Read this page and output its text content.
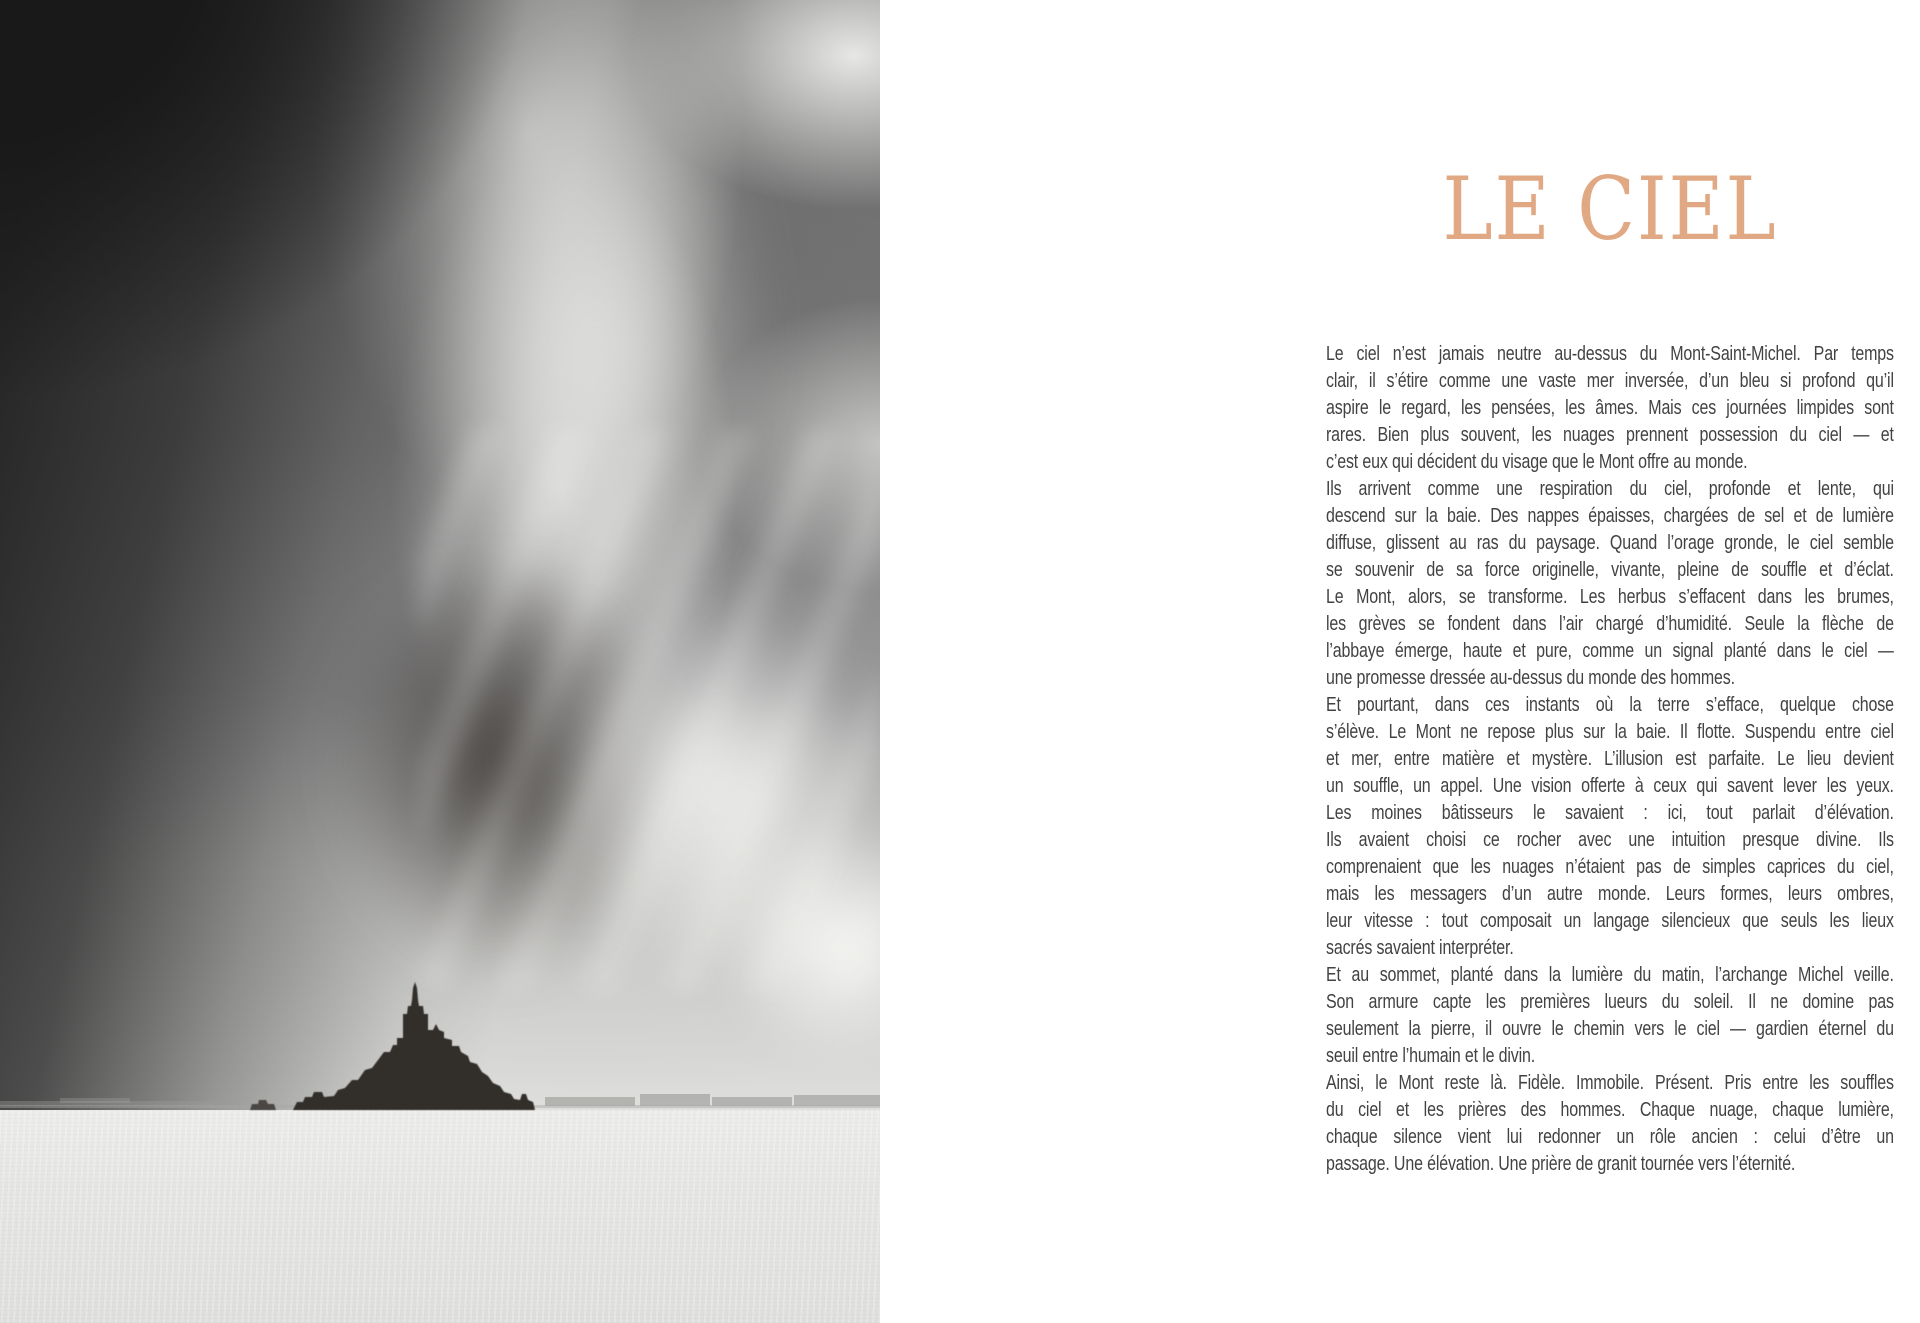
LE CIEL
Le ciel n’est jamais neutre au-dessus du Mont-Saint-Michel. Par temps
clair, il s’étire comme une vaste mer inversée, d’un bleu si profond qu’il
aspire le regard, les pensées, les âmes. Mais ces journées limpides sont
rares. Bien plus souvent, les nuages prennent possession du ciel — et
c’est eux qui décident du visage que le Mont offre au monde.
Ils arrivent comme une respiration du ciel, profonde et lente, qui
descend sur la baie. Des nappes épaisses, chargées de sel et de lumière
diffuse, glissent au ras du paysage. Quand l’orage gronde, le ciel semble
se souvenir de sa force originelle, vivante, pleine de souffle et d’éclat.
Le Mont, alors, se transforme. Les herbus s’effacent dans les brumes,
les grèves se fondent dans l’air chargé d’humidité. Seule la flèche de
l’abbaye émerge, haute et pure, comme un signal planté dans le ciel —
une promesse dressée au-dessus du monde des hommes.
Et pourtant, dans ces instants où la terre s’efface, quelque chose
s’élève. Le Mont ne repose plus sur la baie. Il flotte. Suspendu entre ciel
et mer, entre matière et mystère. L’illusion est parfaite. Le lieu devient
un souffle, un appel. Une vision offerte à ceux qui savent lever les yeux.
Les moines bâtisseurs le savaient : ici, tout parlait d’élévation.
Ils avaient choisi ce rocher avec une intuition presque divine. Ils
comprenaient que les nuages n’étaient pas de simples caprices du ciel,
mais les messagers d’un autre monde. Leurs formes, leurs ombres,
leur vitesse : tout composait un langage silencieux que seuls les lieux
sacrés savaient interpréter.
Et au sommet, planté dans la lumière du matin, l’archange Michel veille.
Son armure capte les premières lueurs du soleil. Il ne domine pas
seulement la pierre, il ouvre le chemin vers le ciel — gardien éternel du
seuil entre l’humain et le divin.
Ainsi, le Mont reste là. Fidèle. Immobile. Présent. Pris entre les souffles
du ciel et les prières des hommes. Chaque nuage, chaque lumière,
chaque silence vient lui redonner un rôle ancien : celui d’être un
passage. Une élévation. Une prière de granit tournée vers l’éternité.
